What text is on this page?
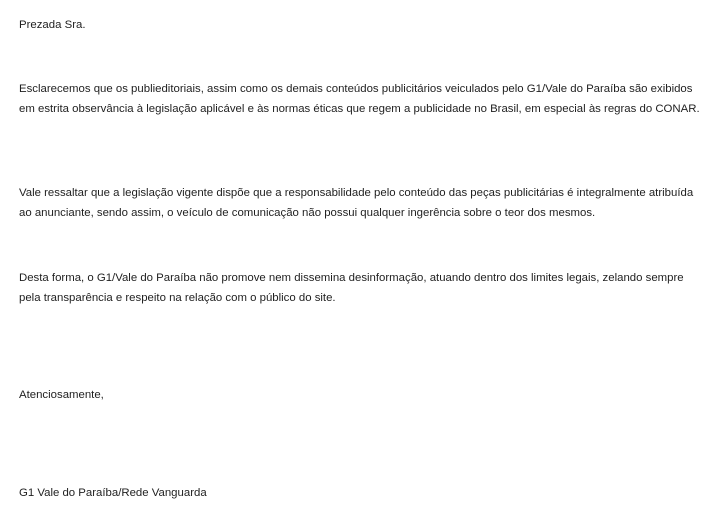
Prezada Sra.

Esclarecemos que os publieditoriais, assim como os demais conteúdos publicitários veiculados pelo G1/Vale do Paraíba são exibidos em estrita observância à legislação aplicável e às normas éticas que regem a publicidade no Brasil, em especial às regras do CONAR.

Vale ressaltar que a legislação vigente dispõe que a responsabilidade pelo conteúdo das peças publicitárias é integralmente atribuída ao anunciante, sendo assim, o veículo de comunicação não possui qualquer ingerência sobre o teor dos mesmos.

Desta forma, o G1/Vale do Paraíba não promove nem dissemina desinformação, atuando dentro dos limites legais, zelando sempre pela transparência e respeito na relação com o público do site.

Atenciosamente,

G1 Vale do Paraíba/Rede Vanguarda
